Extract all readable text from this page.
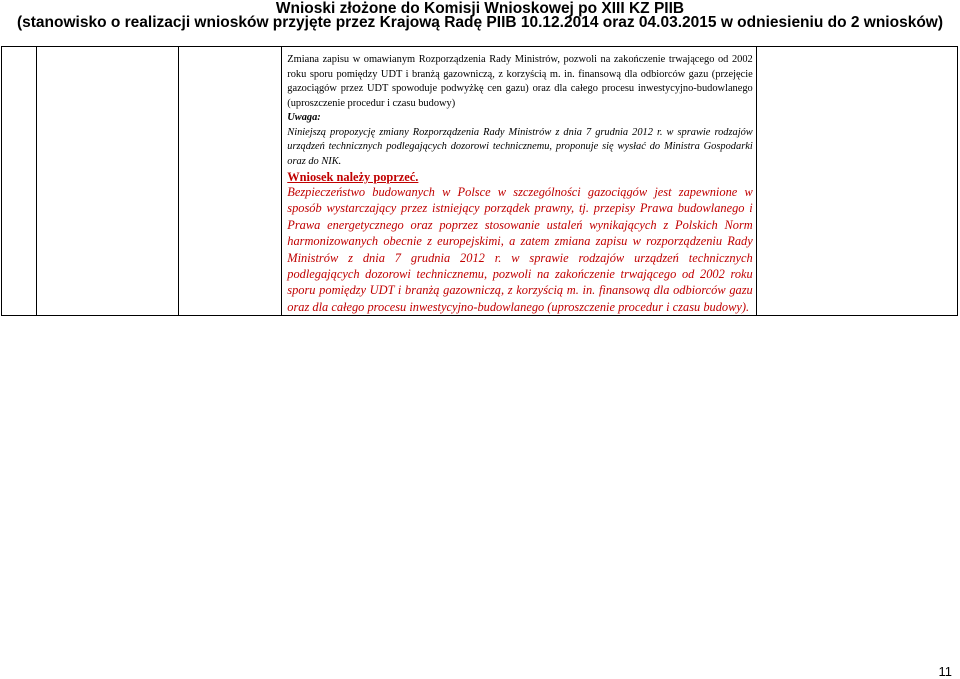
Wnioski złożone do Komisji Wnioskowej po XIII KZ PIIB
(stanowisko o realizacji wniosków przyjęte przez Krajową Radę PIIB 10.12.2014 oraz 04.03.2015 w odniesieniu do 2 wniosków)

Zmiana zapisu w omawianym Rozporządzenia Rady Ministrów, pozwoli na zakończenie trwającego od 2002 roku sporu pomiędzy UDT i branżą gazowniczą, z korzyścią m. in. finansową dla odbiorców gazu (przejęcie gazociągów przez UDT spowoduje podwyżkę cen gazu) oraz dla całego procesu inwestycyjno-budowlanego (uproszczenie procedur i czasu budowy)

Uwaga:

Niniejszą propozycję zmiany Rozporządzenia Rady Ministrów z dnia 7 grudnia 2012 r. w sprawie rodzajów urządzeń technicznych podlegających dozorowi technicznemu, proponuje się wysłać do Ministra Gospodarki oraz do NIK.

Wniosek należy poprzeć.

Bezpieczeństwo budowanych w Polsce w szczególności gazociągów jest zapewnione w sposób wystarczający przez istniejący porządek prawny, tj. przepisy Prawa budowlanego i Prawa energetycznego oraz poprzez stosowanie ustaleń wynikających z Polskich Norm harmonizowanych obecnie z europejskimi, a zatem zmiana zapisu w rozporządzeniu Rady Ministrów z dnia 7 grudnia 2012 r. w sprawie rodzajów urządzeń technicznych podlegających dozorowi technicznemu, pozwoli na zakończenie trwającego od 2002 roku sporu pomiędzy UDT i branżą gazowniczą, z korzyścią m. in. finansową dla odbiorców gazu oraz dla całego procesu inwestycyjno-budowlanego (uproszczenie procedur i czasu budowy).

11
